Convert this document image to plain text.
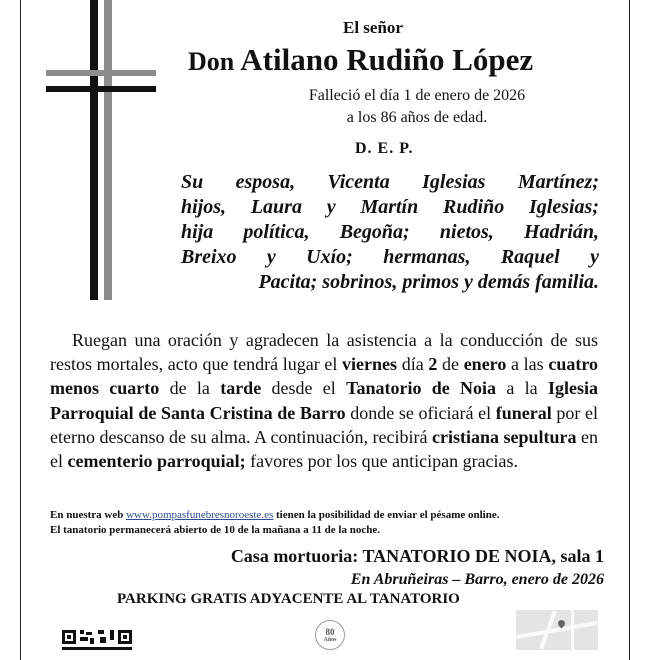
El señor
Don Atilano Rudiño López
Falleció el día 1 de enero de 2026
a los 86 años de edad.
D. E. P.
Su esposa, Vicenta Iglesias Martínez;
hijos, Laura y Martín Rudiño Iglesias;
hija política, Begoña; nietos, Hadrián,
Breixo y Uxío; hermanas, Raquel y
Pacita; sobrinos, primos y demás familia.
Ruegan una oración y agradecen la asistencia a la conducción de sus restos mortales, acto que tendrá lugar el viernes día 2 de enero a las cuatro menos cuarto de la tarde desde el Tanatorio de Noia a la Iglesia Parroquial de Santa Cristina de Barro donde se oficiará el funeral por el eterno descanso de su alma. A continuación, recibirá cristiana sepultura en el cementerio parroquial; favores por los que anticipan gracias.
En nuestra web www.pompasfunebresnoroeste.es tienen la posibilidad de enviar el pésame online.
El tanatorio permanecerá abierto de 10 de la mañana a 11 de la noche.
Casa mortuoria: TANATORIO DE NOIA, sala 1
En Abruñeiras – Barro, enero de 2026
PARKING GRATIS ADYACENTE AL TANATORIO
80
Años
